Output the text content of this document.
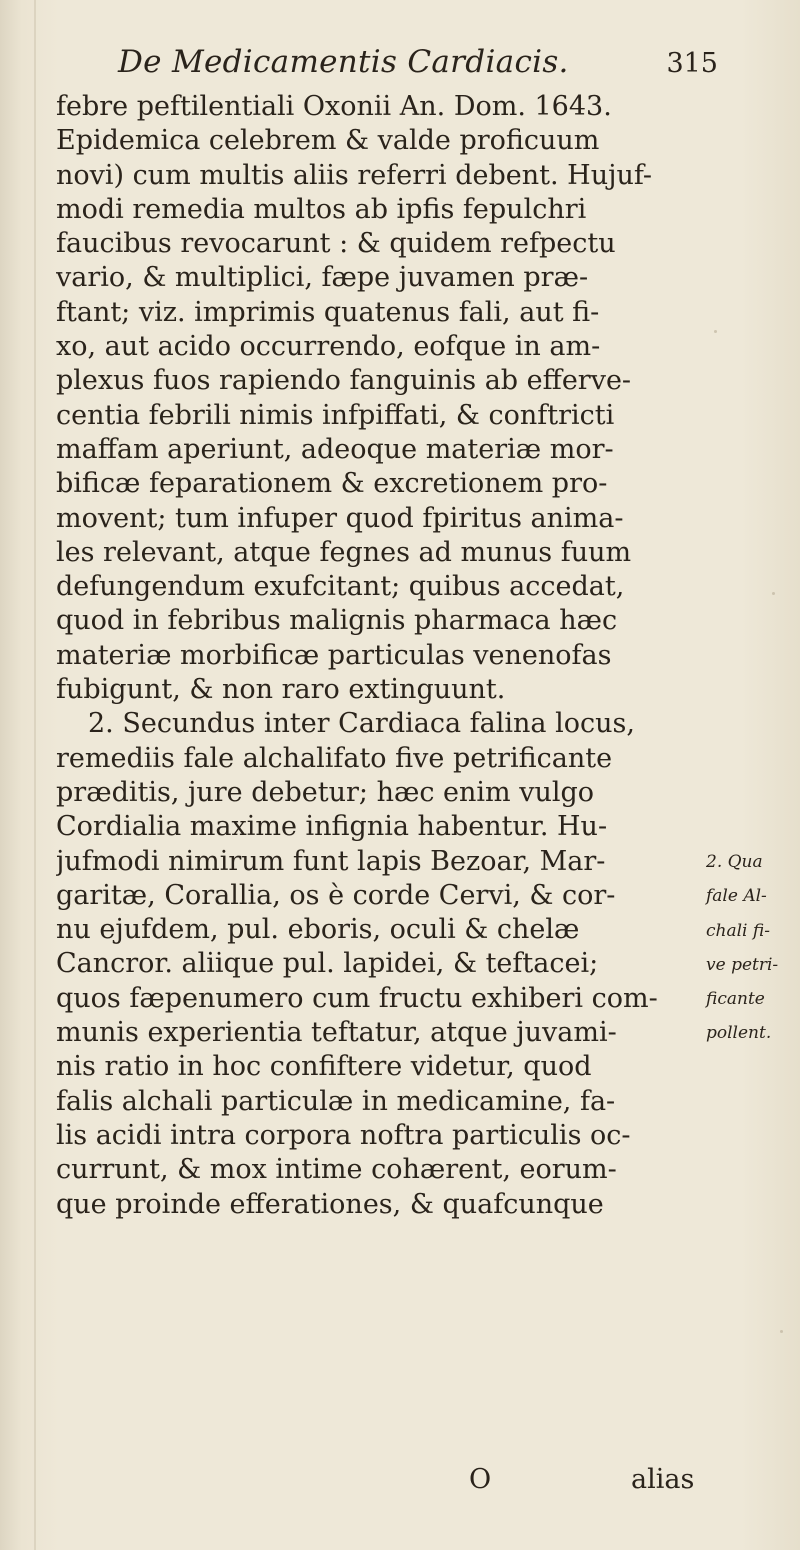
De Medicamentis Cardiacis.	315
febre peftilentiali Oxonii An. Dom. 1643.
Epidemica celebrem & valde proficuum
novi) cum multis aliis referri debent. Hujuf-
modi remedia multos ab ipfis fepulchri
faucibus revocarunt : & quidem refpectu
vario, & multiplici, fæpe juvamen præ-
ftant; viz. imprimis quatenus fali, aut fi-
xo, aut acido occurrendo, eofque in am-
plexus fuos rapiendo fanguinis ab efferve-
centia febrili nimis infpiffati, & conftricti
maffam aperiunt, adeoque materiæ mor-
bificæ feparationem & excretionem pro-
movent; tum infuper quod fpiritus anima-
les relevant, atque fegnes ad munus fuum
defungendum exufcitant; quibus accedat,
quod in febribus malignis pharmaca hæc
materiæ morbificæ particulas venenofas
fubigunt, & non raro extinguunt.
2. Secundus inter Cardiaca falina locus,
remediis fale alchalifato five petrificante
præditis, jure debetur; hæc enim vulgo
Cordialia maxime infignia habentur. Hu-
jufmodi nimirum funt lapis Bezoar, Mar-
garitæ, Corallia, os è corde Cervi, & cor-
nu ejufdem, pul. eboris, oculi & chelæ
Cancror. aliique pul. lapidei, & teftacei;
quos fæpenumero cum fructu exhiberi com-
munis experientia teftatur, atque juvami-
nis ratio in hoc confiftere videtur, quod
falis alchali particulæ in medicamine, fa-
lis acidi intra corpora noftra particulis oc-
currunt, & mox intime cohærent, eorum-
que proinde efferationes, & quafcunque
2. Qua
fale Al-
chali fi-
ve petri-
ficante
pollent.
O	alias
